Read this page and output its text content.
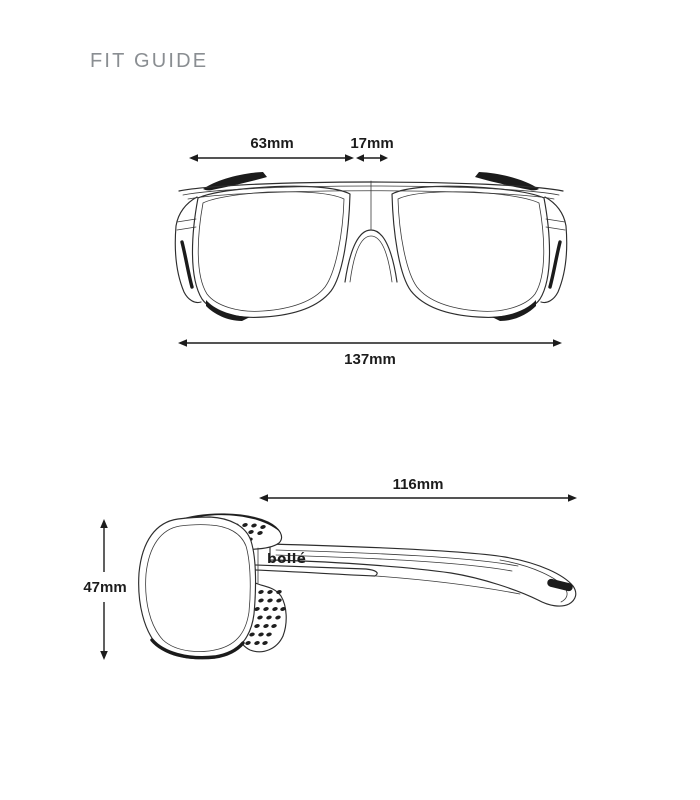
FIT GUIDE
63mm	17mm
137mm
bollé
116mm
47mm
